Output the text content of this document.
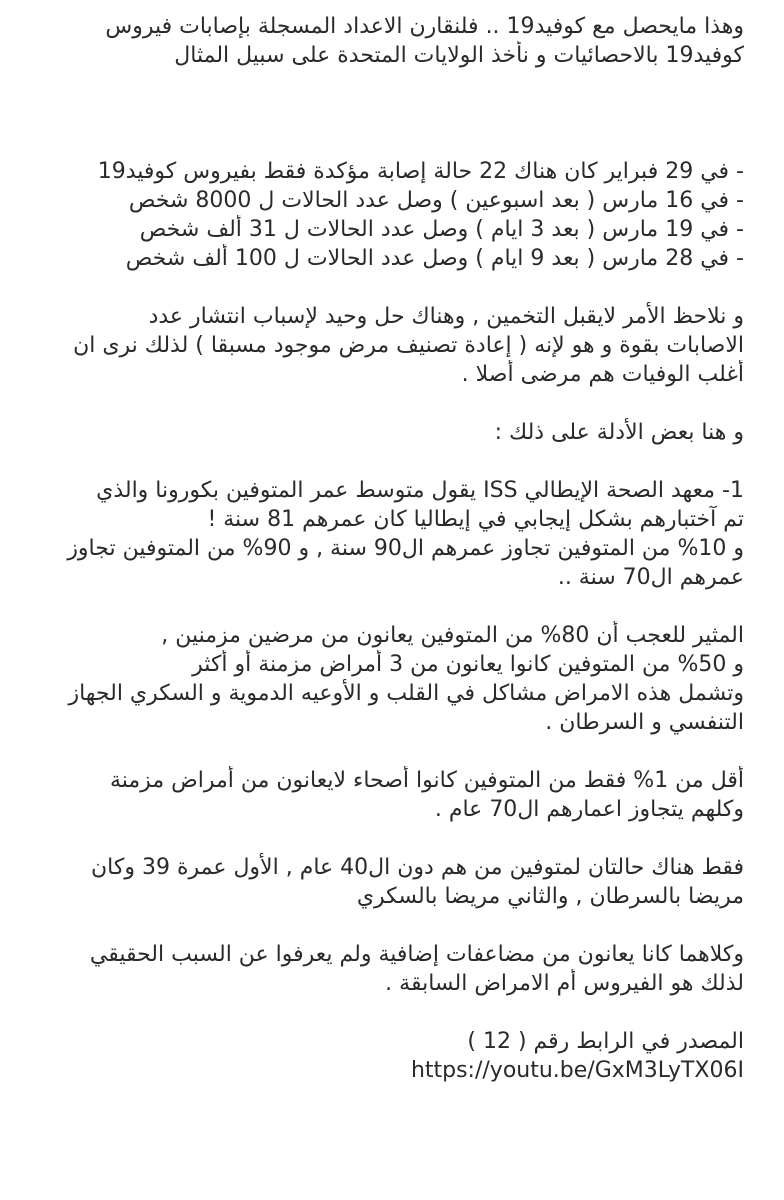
وهذا مايحصل مع كوفيد19 .. فلنقارن الاعداد المسجلة بإصابات فيروس
كوفيد19 بالاحصائيات و نأخذ الولايات المتحدة على سبيل المثال
- في 29 فبراير كان هناك 22 حالة إصابة مؤكدة فقط بفيروس كوفيد19
- في 16 مارس ( بعد اسبوعين ) وصل عدد الحالات ل 8000 شخص
- في 19 مارس ( بعد 3 ايام ) وصل عدد الحالات ل 31 ألف شخص
- في 28 مارس ( بعد 9 ايام ) وصل عدد الحالات ل 100 ألف شخص
و نلاحظ الأمر لايقبل التخمين , وهناك حل وحيد لإسباب انتشار عدد
الاصابات بقوة و هو لإنه ( إعادة تصنيف مرض موجود مسبقا ) لذلك نرى ان
أغلب الوفيات هم مرضى أصلا .
و هنا بعض الأدلة على ذلك :
1- معهد الصحة الإيطالي ISS يقول متوسط عمر المتوفين بكورونا والذي
تم آختبارهم بشكل إيجابي في إيطاليا كان عمرهم 81 سنة !
و 10% من المتوفين تجاوز عمرهم ال90 سنة , و 90% من المتوفين تجاوز
عمرهم ال70 سنة ..
المثير للعجب أن 80% من المتوفين يعانون من مرضين مزمنين ,
و 50% من المتوفين كانوا يعانون من 3 أمراض مزمنة أو أكثر
وتشمل هذه الامراض مشاكل في القلب و الأوعيه الدموية و السكري الجهاز
التنفسي و السرطان .
أقل من 1% فقط من المتوفين كانوا أصحاء لايعانون من أمراض مزمنة
وكلهم يتجاوز اعمارهم ال70 عام .
فقط هناك حالتان لمتوفين من هم دون ال40 عام , الأول عمرة 39 وكان
مريضا بالسرطان , والثاني مريضا بالسكري
وكلاهما كانا يعانون من مضاعفات إضافية ولم يعرفوا عن السبب الحقيقي
لذلك هو الفيروس أم الامراض السابقة .
المصدر في الرابط رقم ( 12 )
https://youtu.be/GxM3LyTX06I
